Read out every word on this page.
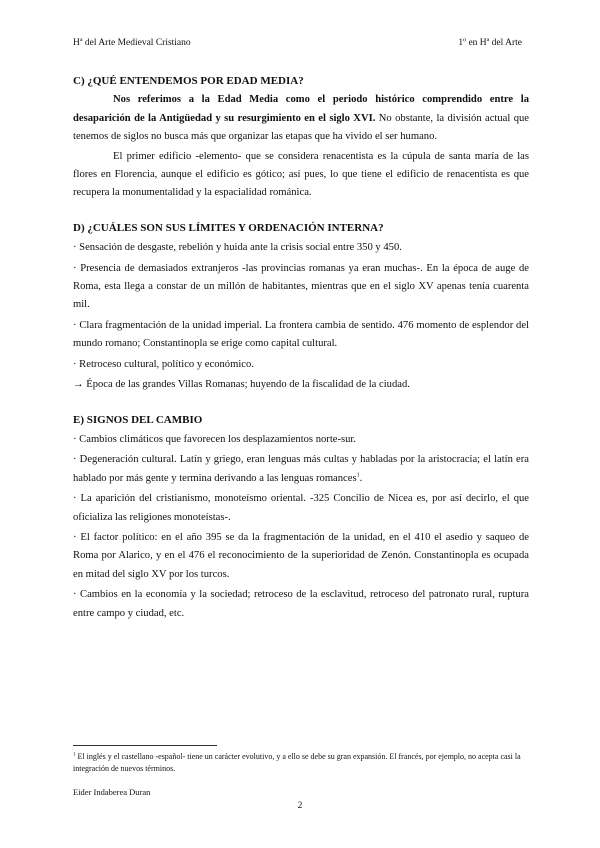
Hª del Arte Medieval Cristiano	1º en Hª del Arte
C) ¿QUÉ ENTENDEMOS POR EDAD MEDIA?

Nos referimos a la Edad Media como el periodo histórico comprendido entre la desaparición de la Antigüedad y su resurgimiento en el siglo XVI. No obstante, la división actual que tenemos de siglos no busca más que organizar las etapas que ha vivido el ser humano.

El primer edificio -elemento- que se considera renacentista es la cúpula de santa maría de las flores en Florencia, aunque el edificio es gótico; así pues, lo que tiene el edificio de renacentista es que recupera la monumentalidad y la espacialidad románica.

D) ¿CUÁLES SON SUS LÍMITES Y ORDENACIÓN INTERNA?

· Sensación de desgaste, rebelión y huida ante la crisis social entre 350 y 450.

· Presencia de demasiados extranjeros -las provincias romanas ya eran muchas-. En la época de auge de Roma, esta llega a constar de un millón de habitantes, mientras que en el siglo XV apenas tenía cuarenta mil.

· Clara fragmentación de la unidad imperial. La frontera cambia de sentido. 476 momento de esplendor del mundo romano; Constantinopla se erige como capital cultural.

· Retroceso cultural, político y económico.

→ Época de las grandes Villas Romanas; huyendo de la fiscalidad de la ciudad.

E) SIGNOS DEL CAMBIO

· Cambios climáticos que favorecen los desplazamientos norte-sur.

· Degeneración cultural. Latín y griego, eran lenguas más cultas y habladas por la aristocracia; el latín era hablado por más gente y termina derivando a las lenguas romances$^1$.

· La aparición del cristianismo, monoteísmo oriental. -325 Concilio de Nicea es, por así decirlo, el que oficializa las religiones monoteístas-.

· El factor político: en el año 395 se da la fragmentación de la unidad, en el 410 el asedio y saqueo de Roma por Alarico, y en el 476 el reconocimiento de la superioridad de Zenón. Constantinopla es ocupada en mitad del siglo XV por los turcos.

· Cambios en la economía y la sociedad; retroceso de la esclavitud, retroceso del patronato rural, ruptura entre campo y ciudad, etc.

$^1$ El inglés y el castellano -español- tiene un carácter evolutivo, y a ello se debe su gran expansión. El francés, por ejemplo, no acepta casi la integración de nuevos términos.
Eider Indaberea Duran
2
